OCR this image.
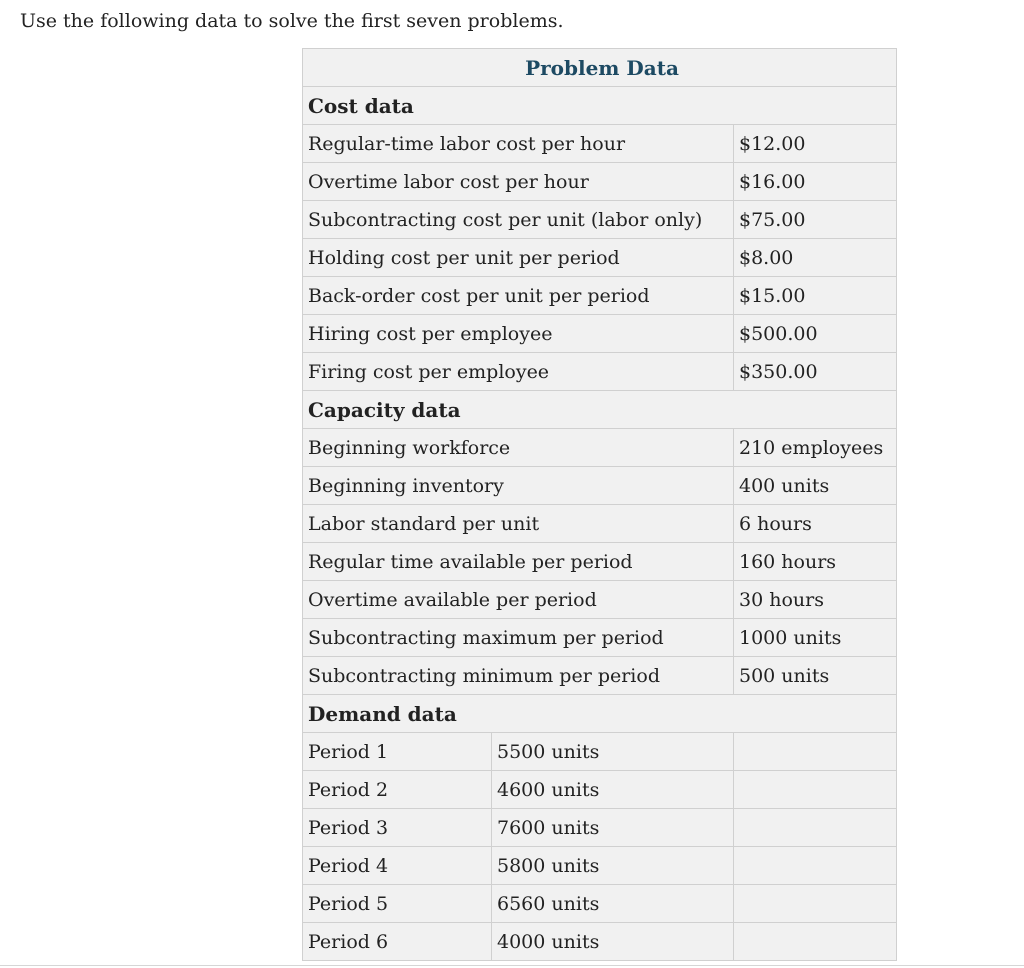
Use the following data to solve the first seven problems.

Problem Data		
Cost data		
Regular-time labor cost per hour		$12.00
Overtime labor cost per hour		$16.00
Subcontracting cost per unit (labor only)		$75.00
Holding cost per unit per period		$8.00
Back-order cost per unit per period		$15.00
Hiring cost per employee		$500.00
Firing cost per employee		$350.00
Capacity data		
Beginning workforce		210 employees
Beginning inventory		400 units
Labor standard per unit		6 hours
Regular time available per period		160 hours
Overtime available per period		30 hours
Subcontracting maximum per period		1000 units
Subcontracting minimum per period		500 units
Demand data		
Period 1	5500 units	
Period 2	4600 units	
Period 3	7600 units	
Period 4	5800 units	
Period 5	6560 units	
Period 6	4000 units	
